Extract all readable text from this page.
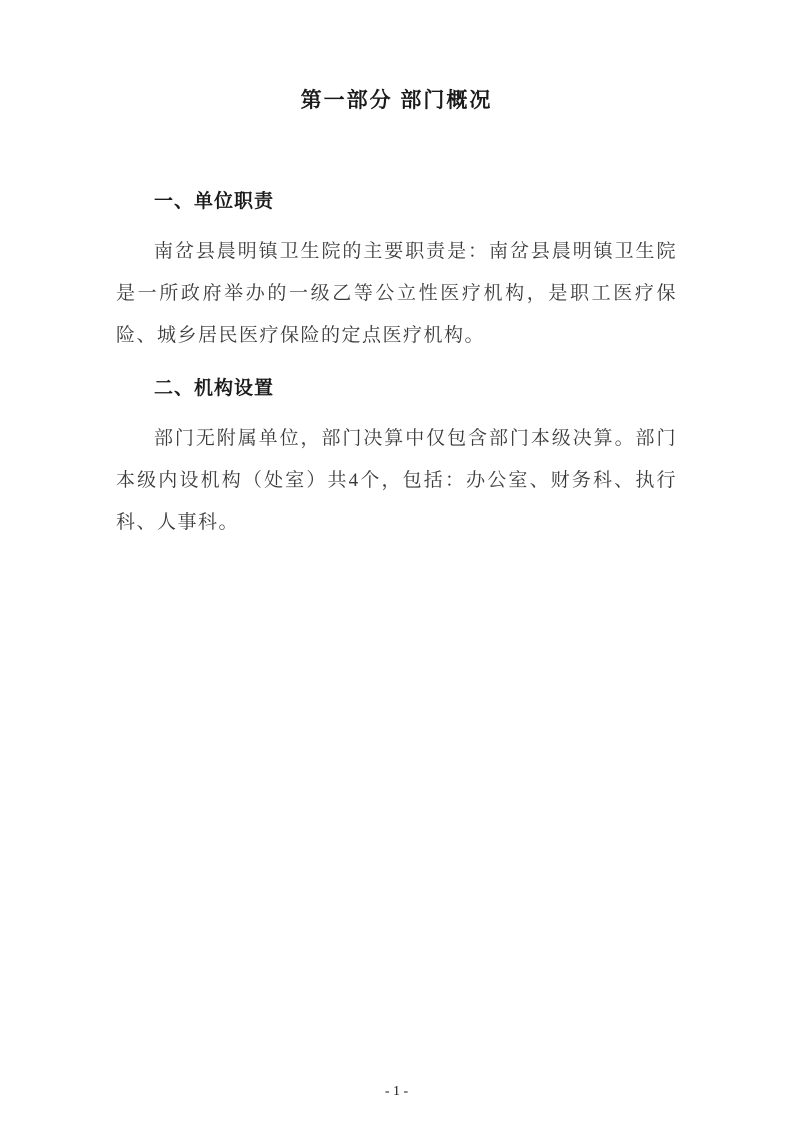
第一部分 部门概况
一、单位职责

南岔县晨明镇卫生院的主要职责是：南岔县晨明镇卫生院是一所政府举办的一级乙等公立性医疗机构，是职工医疗保险、城乡居民医疗保险的定点医疗机构。

二、机构设置

部门无附属单位，部门决算中仅包含部门本级决算。部门本级内设机构（处室）共4个，包括：办公室、财务科、执行科、人事科。

- 1 -
